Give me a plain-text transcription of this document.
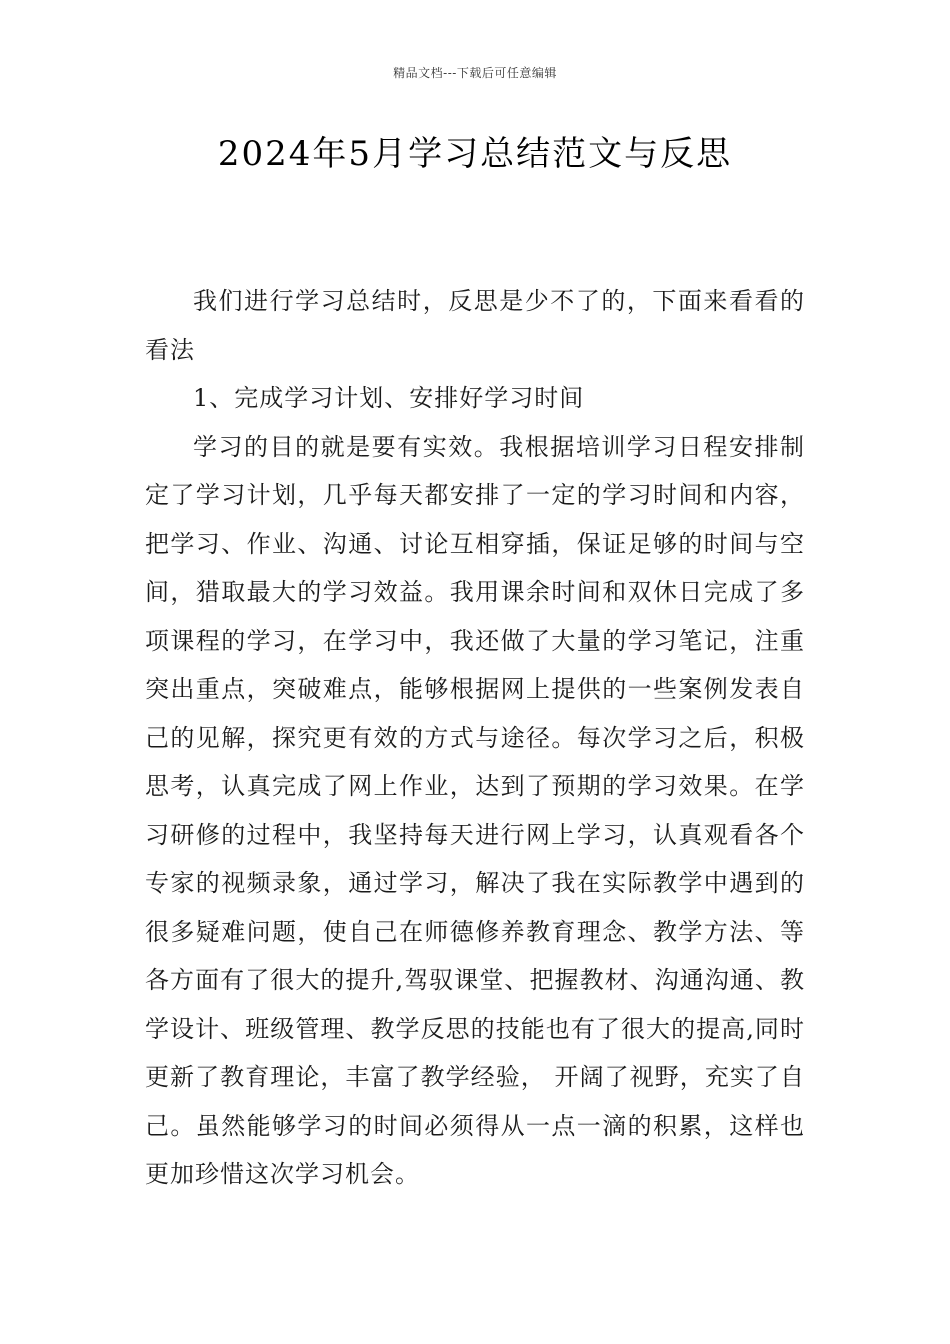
精品文档---下载后可任意编辑
2024年5月学习总结范文与反思

我们进行学习总结时，反思是少不了的，下面来看看的看法

1、完成学习计划、安排好学习时间

学习的目的就是要有实效。我根据培训学习日程安排制定了学习计划，几乎每天都安排了一定的学习时间和内容，把学习、作业、沟通、讨论互相穿插，保证足够的时间与空间，猎取最大的学习效益。我用课余时间和双休日完成了多项课程的学习，在学习中，我还做了大量的学习笔记，注重突出重点，突破难点，能够根据网上提供的一些案例发表自己的见解，探究更有效的方式与途径。每次学习之后，积极思考，认真完成了网上作业，达到了预期的学习效果。在学习研修的过程中，我坚持每天进行网上学习，认真观看各个专家的视频录象，通过学习，解决了我在实际教学中遇到的很多疑难问题，使自己在师德修养教育理念、教学方法、等各方面有了很大的提升,驾驭课堂、把握教材、沟通沟通、教学设计、班级管理、教学反思的技能也有了很大的提高,同时更新了教育理论，丰富了教学经验， 开阔了视野，充实了自己。虽然能够学习的时间必须得从一点一滴的积累，这样也更加珍惜这次学习机会。
